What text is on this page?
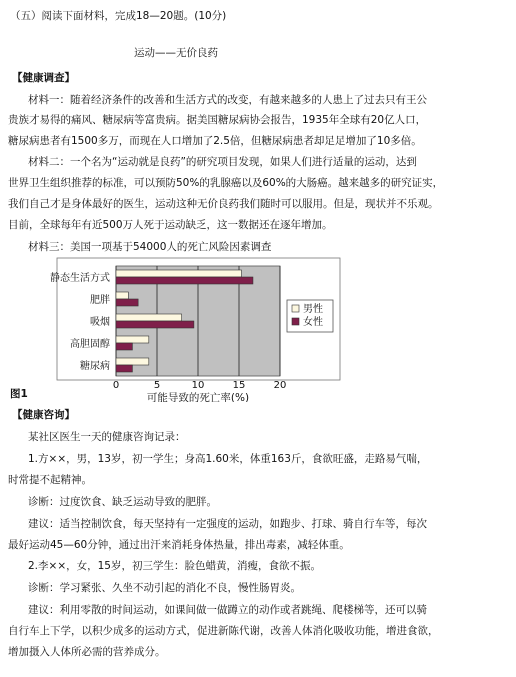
（五）阅读下面材料，完成18—20题。(10分)
运动——无价良药
【健康调查】
材料一：随着经济条件的改善和生活方式的改变，有越来越多的人患上了过去只有王公
贵族才易得的痛风、糖尿病等富贵病。据美国糖尿病协会报告，1935年全球有20亿人口，
糖尿病患者有1500多万，而现在人口增加了2.5倍，但糖尿病患者却足足增加了10多倍。
材料二：一个名为“运动就是良药”的研究项目发现，如果人们进行适量的运动，达到
世界卫生组织推荐的标准，可以预防50%的乳腺癌以及60%的大肠癌。越来越多的研究证实，
我们自己才是身体最好的医生，运动这种无价良药我们随时可以服用。但是，现状并不乐观。
目前，全球每年有近500万人死于运动缺乏，这一数据还在逐年增加。
材料三：美国一项基于54000人的死亡风险因素调查
静态生活方式
肥胖
吸烟
高胆固醇
糖尿病
0	5	10	15	20
可能导致的死亡率(%)
男性
女性
图1
【健康咨询】
某社区医生一天的健康咨询记录：
1.方××，男，13岁，初一学生；身高1.60米，体重163斤，食欲旺盛，走路易气喘，
时常提不起精神。
诊断：过度饮食、缺乏运动导致的肥胖。
建议：适当控制饮食，每天坚持有一定强度的运动，如跑步、打球、骑自行车等，每次
最好运动45—60分钟，通过出汗来消耗身体热量，排出毒素，减轻体重。
2.李××，女，15岁，初三学生：脸色蜡黄，消瘦，食欲不振。
诊断：学习紧张、久坐不动引起的消化不良，慢性肠胃炎。
建议：利用零散的时间运动，如课间做一做蹲立的动作或者跳绳、爬楼梯等，还可以骑
自行车上下学，以积少成多的运动方式，促进新陈代谢，改善人体消化吸收功能，增进食欲，
增加摄入人体所必需的营养成分。
